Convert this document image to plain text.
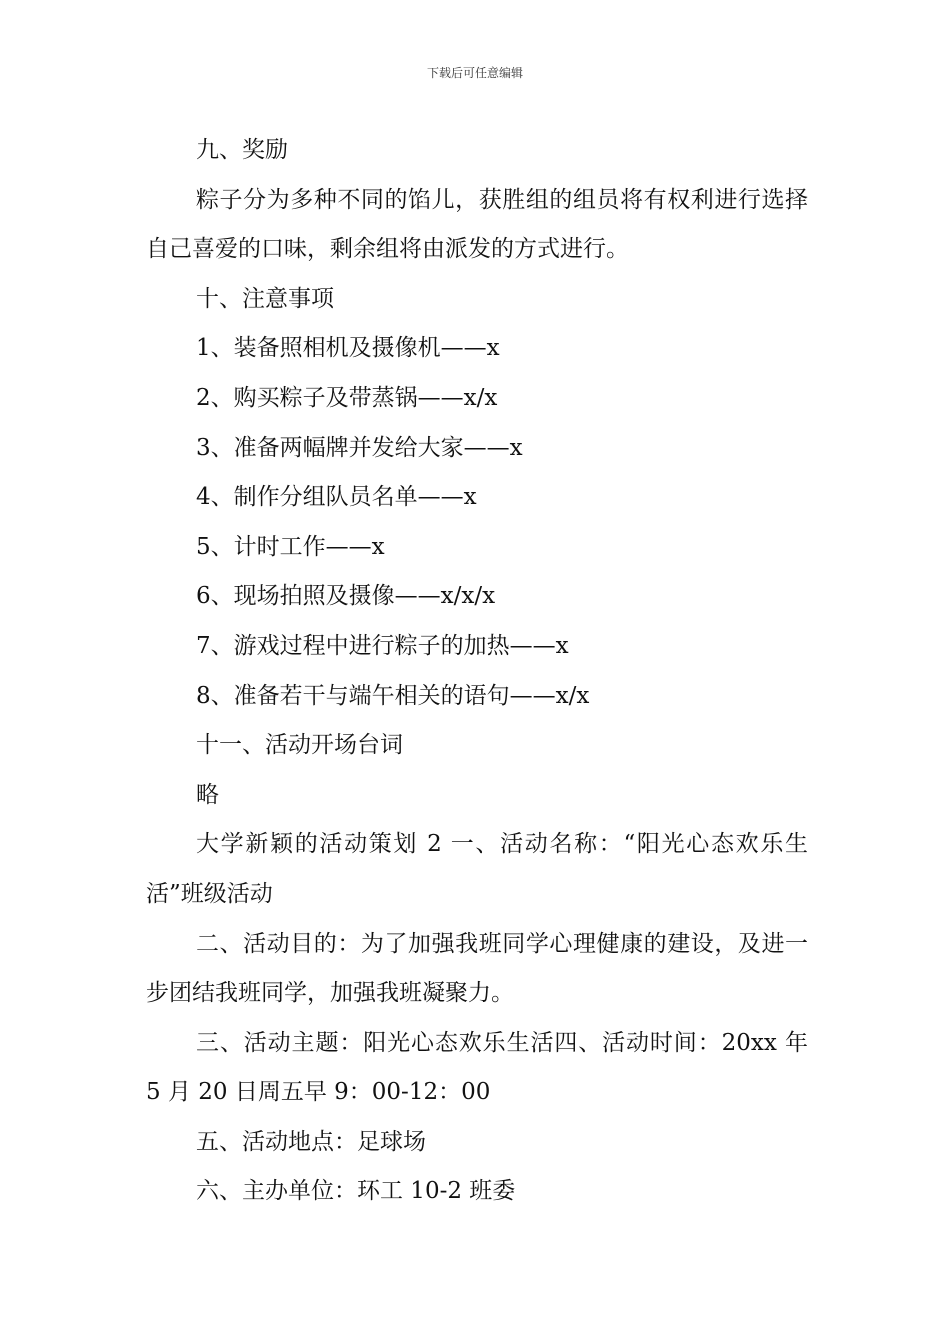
下载后可任意编辑

九、奖励

粽子分为多种不同的馅儿，获胜组的组员将有权利进行选择自己喜爱的口味，剩余组将由派发的方式进行。

十、注意事项

1、装备照相机及摄像机——x

2、购买粽子及带蒸锅——x/x

3、准备两幅牌并发给大家——x

4、制作分组队员名单——x

5、计时工作——x

6、现场拍照及摄像——x/x/x

7、游戏过程中进行粽子的加热——x

8、准备若干与端午相关的语句——x/x

十一、活动开场台词

略

大学新颖的活动策划 2 一、活动名称：“阳光心态欢乐生活”班级活动

二、活动目的：为了加强我班同学心理健康的建设，及进一步团结我班同学，加强我班凝聚力。

三、活动主题：阳光心态欢乐生活四、活动时间：20xx 年 5 月 20 日周五早 9：00-12：00

五、活动地点：足球场

六、主办单位：环工 10-2 班委
